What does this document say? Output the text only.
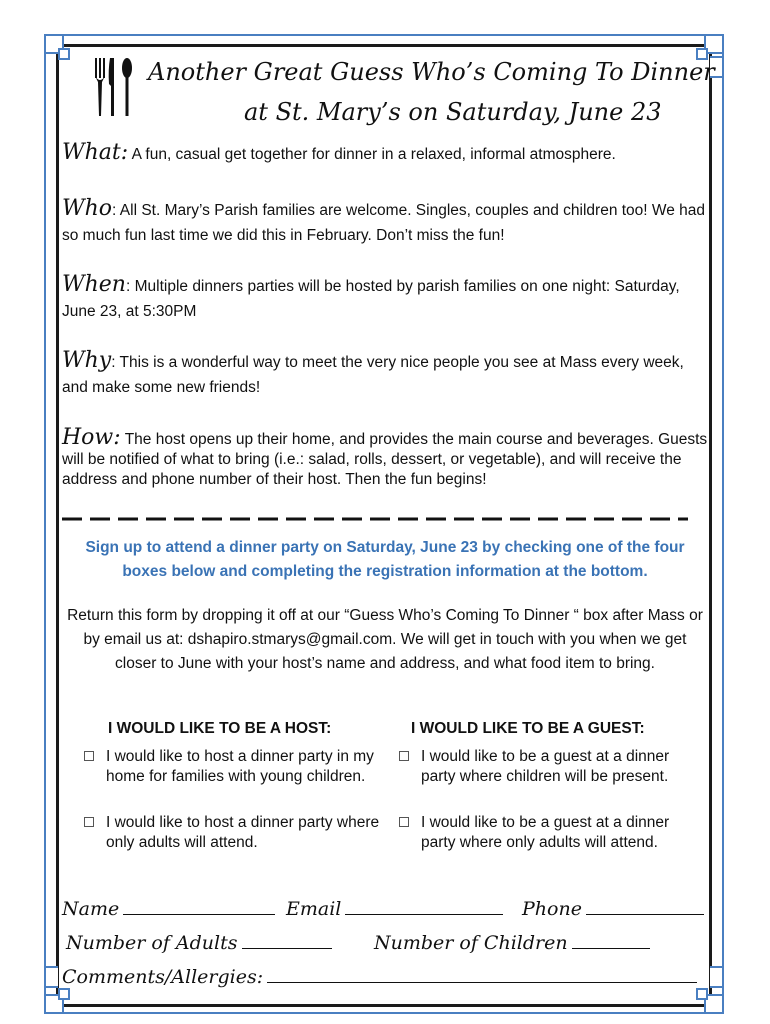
Another Great Guess Who’s Coming To Dinner
at St. Mary’s on Saturday, June 23
What: A fun, casual get together for dinner in a relaxed, informal atmosphere.
Who: All St. Mary’s Parish families are welcome. Singles, couples and children too! We had so much fun last time we did this in February. Don’t miss the fun!
When: Multiple dinners parties will be hosted by parish families on one night: Saturday, June 23, at 5:30PM
Why: This is a wonderful way to meet the very nice people you see at Mass every week, and make some new friends!
How: The host opens up their home, and provides the main course and beverages. Guests will be notified of what to bring (i.e.: salad, rolls, dessert, or vegetable), and will receive the address and phone number of their host. Then the fun begins!
Sign up to attend a dinner party on Saturday, June 23 by checking one of the four boxes below and completing the registration information at the bottom.
Return this form by dropping it off at our “Guess Who’s Coming To Dinner “ box after Mass or by email us at: dshapiro.stmarys@gmail.com. We will get in touch with you when we get closer to June with your host’s name and address, and what food item to bring.
I WOULD LIKE TO BE A HOST:	I WOULD LIKE TO BE A GUEST:
I would like to host a dinner party in my home for families with young children.
I would like to host a dinner party where only adults will attend.
I would like to be a guest at a dinner party where children will be present.
I would like to be a guest at a dinner party where only adults will attend.
Name	Email	Phone
Number of Adults	Number of Children
Comments/Allergies:
